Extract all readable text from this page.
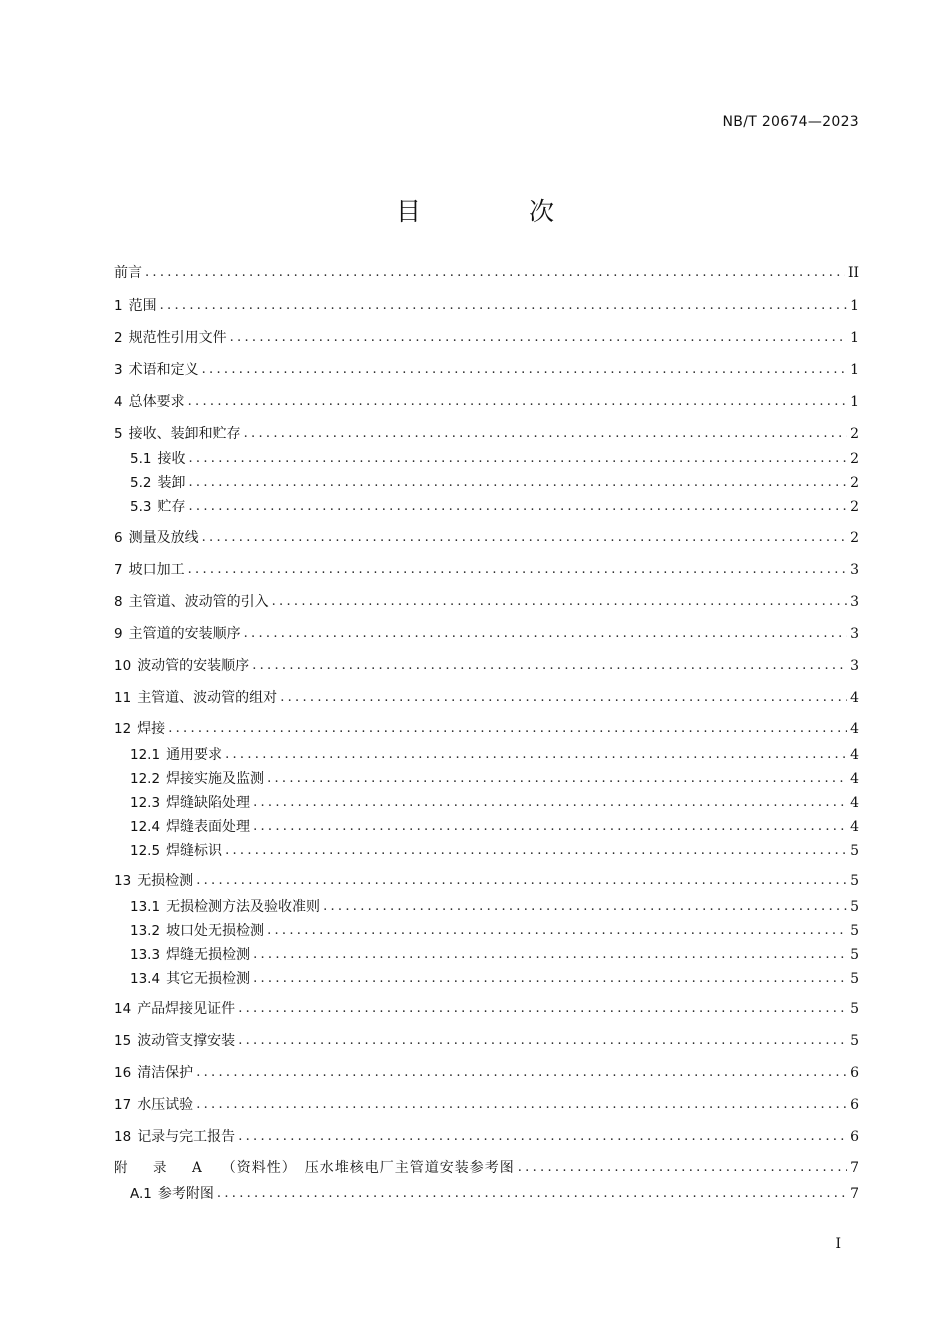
NB/T 20674—2023
目 次
前言 .....	II
1 范围 .....	1
2 规范性引用文件 .....	1
3 术语和定义 .....	1
4 总体要求 .....	1
5 接收、装卸和贮存 .....	2
5.1 接收 .....	2
5.2 装卸 .....	2
5.3 贮存 .....	2
6 测量及放线 .....	2
7 坡口加工 .....	3
8 主管道、波动管的引入 .....	3
9 主管道的安装顺序 .....	3
10 波动管的安装顺序 .....	3
11 主管道、波动管的组对 .....	4
12 焊接 .....	4
12.1 通用要求 .....	4
12.2 焊接实施及监测 .....	4
12.3 焊缝缺陷处理 .....	4
12.4 焊缝表面处理 .....	4
12.5 焊缝标识 .....	5
13 无损检测 .....	5
13.1 无损检测方法及验收准则 .....	5
13.2 坡口处无损检测 .....	5
13.3 焊缝无损检测 .....	5
13.4 其它无损检测 .....	5
14 产品焊接见证件 .....	5
15 波动管支撑安装 .....	5
16 清洁保护 .....	6
17 水压试验 .....	6
18 记录与完工报告 .....	6
附　录　A （资料性）　压水堆核电厂主管道安装参考图 .....	7
A.1 参考附图 .....	7
I
